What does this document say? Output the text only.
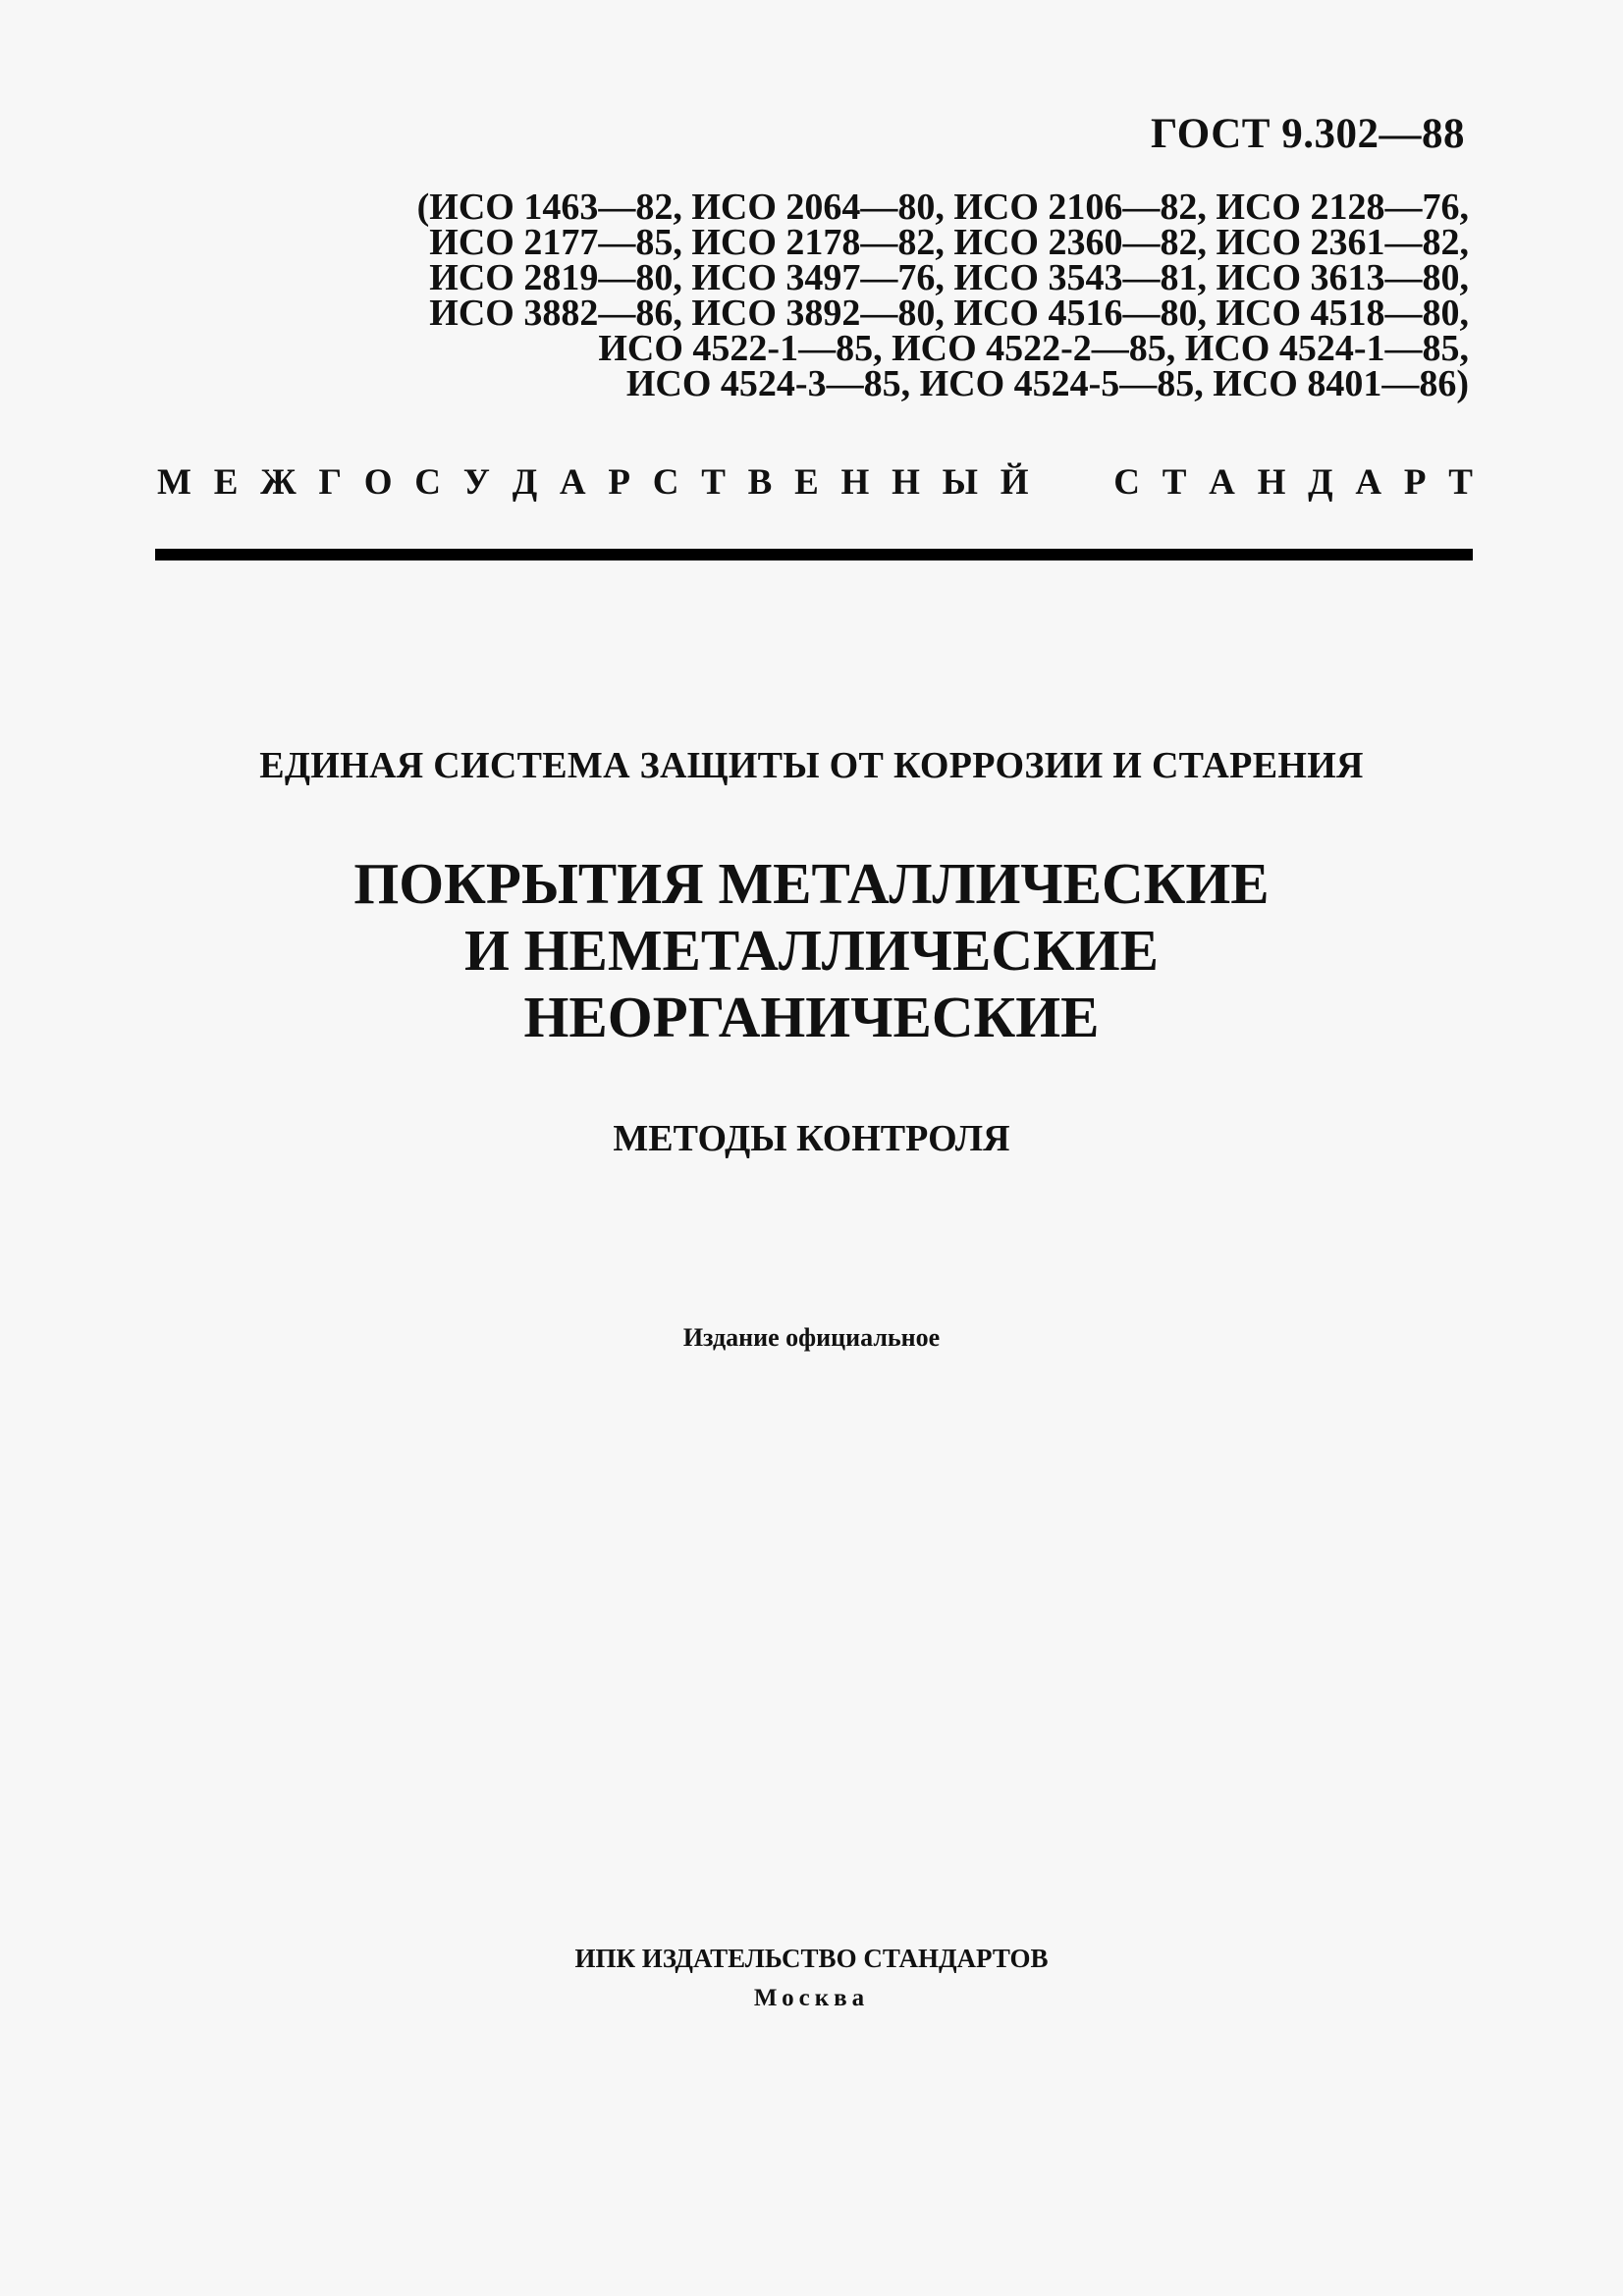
ГОСТ 9.302—88
(ИСО 1463—82, ИСО 2064—80, ИСО 2106—82, ИСО 2128—76,
ИСО 2177—85, ИСО 2178—82, ИСО 2360—82, ИСО 2361—82,
ИСО 2819—80, ИСО 3497—76, ИСО 3543—81, ИСО 3613—80,
ИСО 3882—86, ИСО 3892—80, ИСО 4516—80, ИСО 4518—80,
ИСО 4522-1—85, ИСО 4522-2—85, ИСО 4524-1—85,
ИСО 4524-3—85, ИСО 4524-5—85, ИСО 8401—86)
М Е Ж Г О С У Д А Р С Т В Е Н Н Ы Й

С Т А Н Д А Р Т
ЕДИНАЯ СИСТЕМА ЗАЩИТЫ ОТ КОРРОЗИИ И СТАРЕНИЯ
ПОКРЫТИЯ МЕТАЛЛИЧЕСКИЕ
И НЕМЕТАЛЛИЧЕСКИЕ
НЕОРГАНИЧЕСКИЕ
МЕТОДЫ КОНТРОЛЯ
Издание официальное
ИПК ИЗДАТЕЛЬСТВО СТАНДАРТОВ
Москва
